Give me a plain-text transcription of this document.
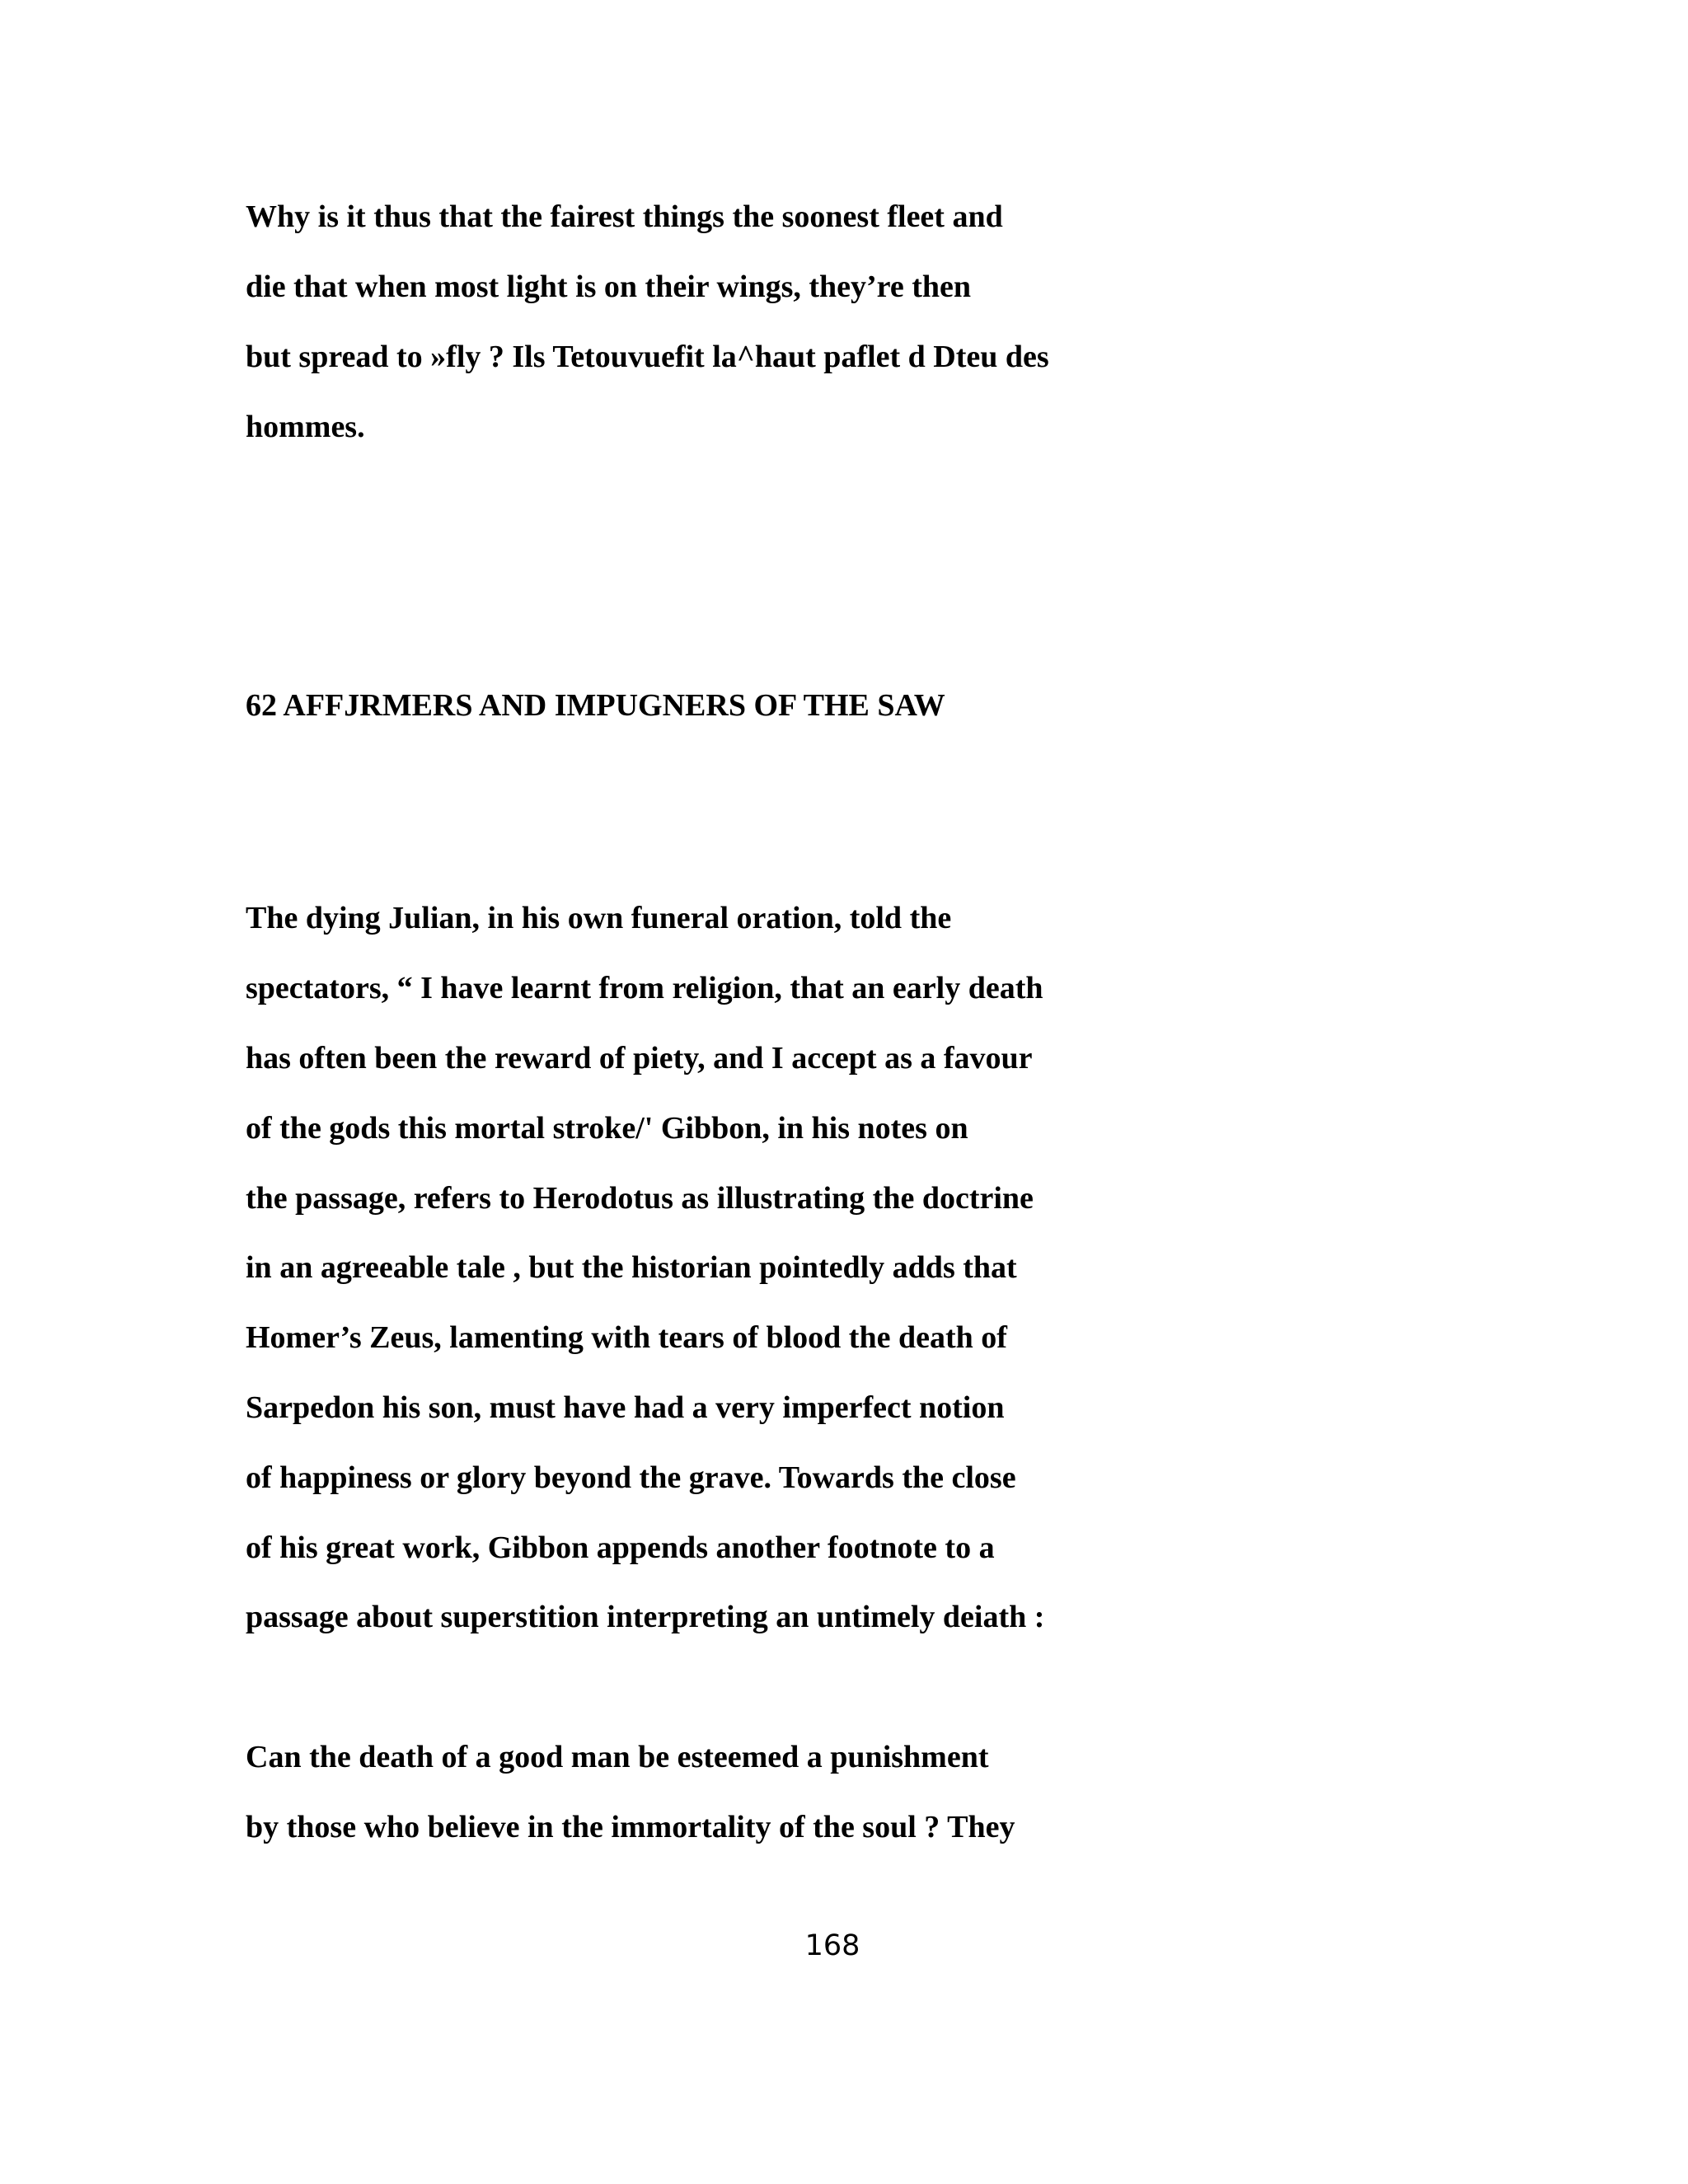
Why is it thus that the fairest things the soonest fleet and

die that when most light is on their wings, they’re then

but spread to »fly ? Ils Tetouvuefit la^haut paflet d Dteu des

hommes.

62 AFFJRMERS AND IMPUGNERS OF THE SAW

The dying Julian, in his own funeral oration, told the

spectators, “ I have learnt from religion, that an early death

has often been the reward of piety, and I accept as a favour

of the gods this mortal stroke/' Gibbon, in his notes on

the passage, refers to Herodotus as illustrating the doctrine

in an agreeable tale , but the historian pointedly adds that

Homer’s Zeus, lamenting with tears of blood the death of

Sarpedon his son, must have had a very imperfect notion

of happiness or glory beyond the grave. Towards the close

of his great work, Gibbon appends another footnote to a

passage about superstition interpreting an untimely deiath :

Can the death of a good man be esteemed a punishment

by those who believe in the immortality of the soul ? They

168
